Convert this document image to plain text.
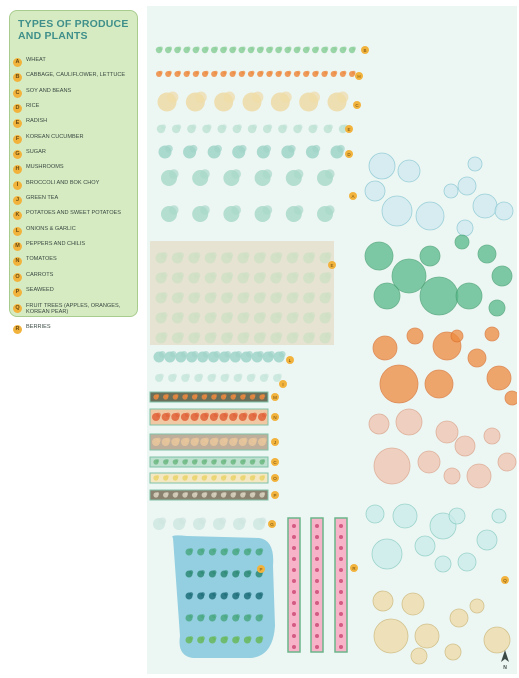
TYPES OF PRODUCE AND PLANTS
A	WHEAT
B	CABBAGE, CAULIFLOWER, LETTUCE
C	SOY AND BEANS
D	RICE
E	RADISH
F	KOREAN CUCUMBER
G	SUGAR
H	MUSHROOMS
I	BROCCOLI AND BOK CHOY
J	GREEN TEA
K	POTATOES AND SWEET POTATOES
L	ONIONS & GARLIC
M	PEPPERS AND CHILIS
N	TOMATOES
O	CARROTS
P	SEAWEED
Q	FRUIT TREES (APPLES, ORANGES, KOREAN PEAR)
R	BERRIES
B
H
C
E
D
A
E
L
I
M
N
J
C
O
P
G
P	R
Q
N
